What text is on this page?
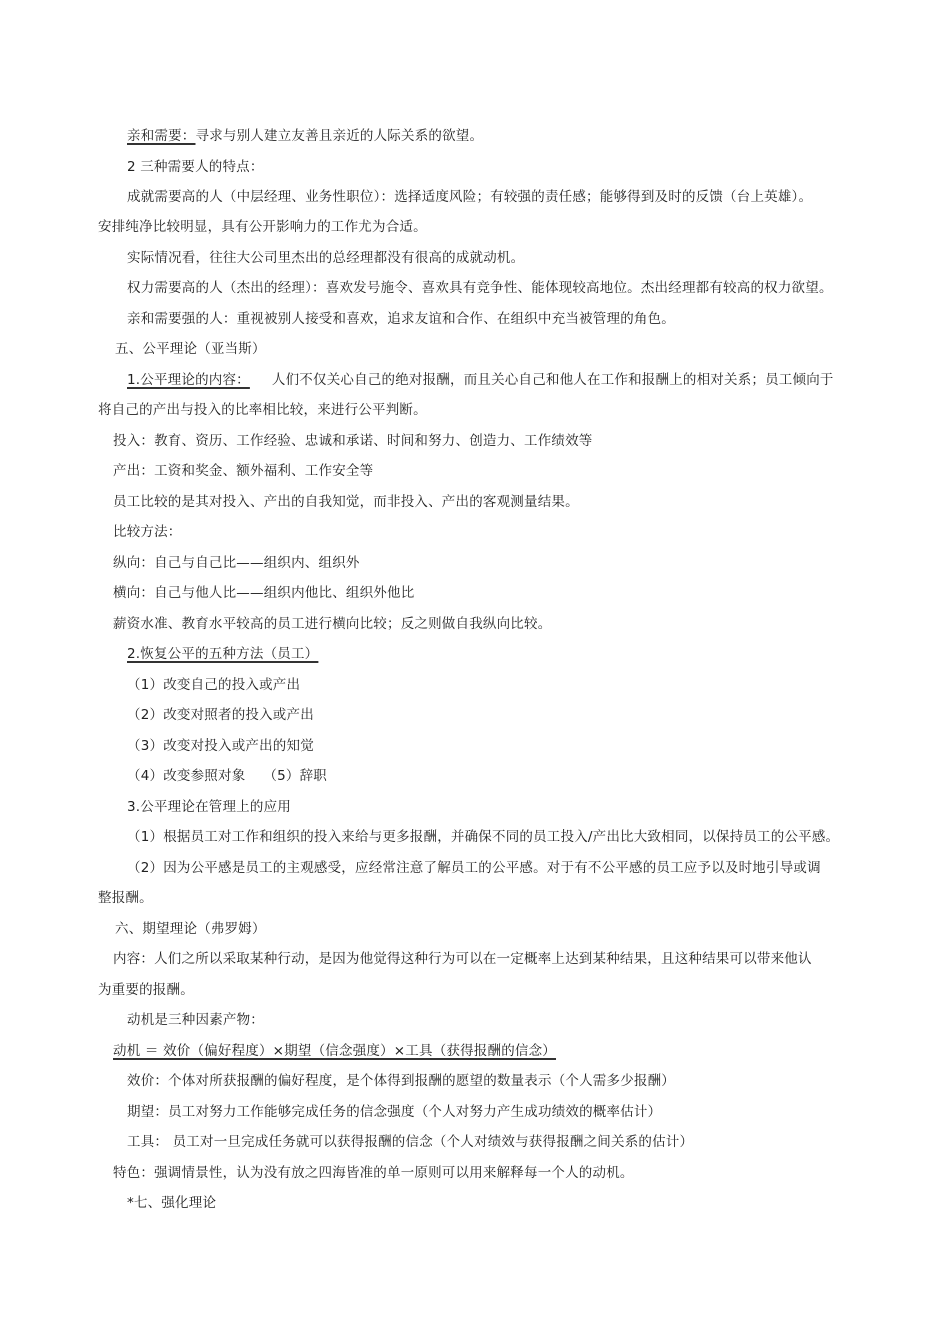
亲和需要：寻求与别人建立友善且亲近的人际关系的欲望。
2 三种需要人的特点：
成就需要高的人（中层经理、业务性职位）：选择适度风险；有较强的责任感；能够得到及时的反馈（台上英雄）。
安排纯净比较明显，具有公开影响力的工作尤为合适。
实际情况看，往往大公司里杰出的总经理都没有很高的成就动机。
权力需要高的人（杰出的经理）：喜欢发号施令、喜欢具有竞争性、能体现较高地位。杰出经理都有较高的权力欲望。
亲和需要强的人：重视被别人接受和喜欢，追求友谊和合作、在组织中充当被管理的角色。
五、公平理论（亚当斯）
1.公平理论的内容： 人们不仅关心自己的绝对报酬，而且关心自己和他人在工作和报酬上的相对关系；员工倾向于
将自己的产出与投入的比率相比较，来进行公平判断。
投入：教育、资历、工作经验、忠诚和承诺、时间和努力、创造力、工作绩效等
产出：工资和奖金、额外福利、工作安全等
员工比较的是其对投入、产出的自我知觉，而非投入、产出的客观测量结果。
比较方法：
纵向：自己与自己比——组织内、组织外
横向：自己与他人比——组织内他比、组织外他比
薪资水准、教育水平较高的员工进行横向比较；反之则做自我纵向比较。
2.恢复公平的五种方法（员工）
（1）改变自己的投入或产出
（2）改变对照者的投入或产出
（3）改变对投入或产出的知觉
（4）改变参照对象 （5）辞职
3.公平理论在管理上的应用
（1）根据员工对工作和组织的投入来给与更多报酬，并确保不同的员工投入/产出比大致相同，以保持员工的公平感。
（2）因为公平感是员工的主观感受，应经常注意了解员工的公平感。对于有不公平感的员工应予以及时地引导或调
整报酬。
六、期望理论（弗罗姆）
内容：人们之所以采取某种行动，是因为他觉得这种行为可以在一定概率上达到某种结果，且这种结果可以带来他认
为重要的报酬。
动机是三种因素产物：
动机 ＝ 效价（偏好程度）×期望（信念强度）×工具（获得报酬的信念）
效价：个体对所获报酬的偏好程度，是个体得到报酬的愿望的数量表示（个人需多少报酬）
期望：员工对努力工作能够完成任务的信念强度（个人对努力产生成功绩效的概率估计）
工具： 员工对一旦完成任务就可以获得报酬的信念（个人对绩效与获得报酬之间关系的估计）
特色：强调情景性，认为没有放之四海皆准的单一原则可以用来解释每一个人的动机。
*七、强化理论
